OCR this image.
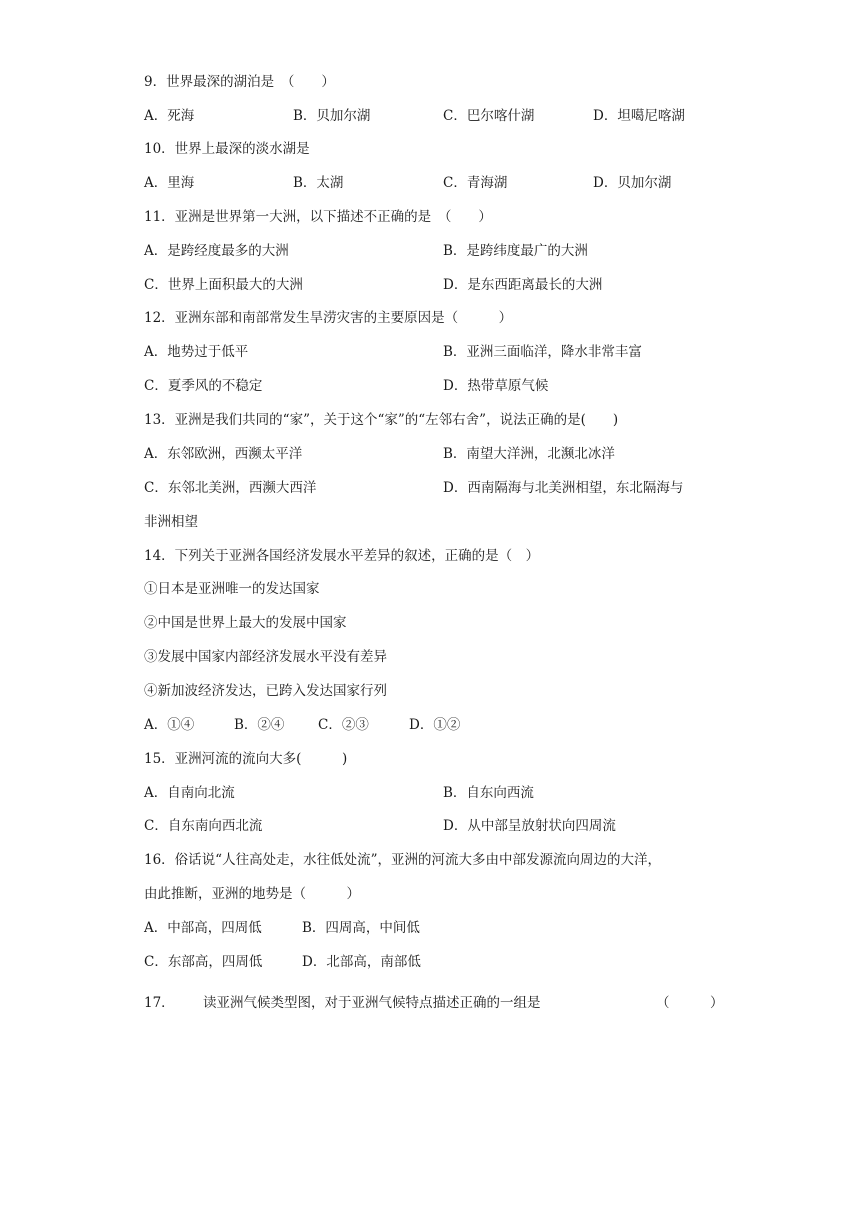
9．世界最深的湖泊是　（　　）
A．死海	B．贝加尔湖	C．巴尔喀什湖	D．坦噶尼喀湖
10．世界上最深的淡水湖是
A．里海	B．太湖	C．青海湖	D．贝加尔湖
11．亚洲是世界第一大洲，以下描述不正确的是　（　　）
A．是跨经度最多的大洲	B．是跨纬度最广的大洲
C．世界上面积最大的大洲	D．是东西距离最长的大洲
12．亚洲东部和南部常发生旱涝灾害的主要原因是（　　　）
A．地势过于低平	B．亚洲三面临洋，降水非常丰富
C．夏季风的不稳定	D．热带草原气候
13．亚洲是我们共同的“家”，关于这个“家”的“左邻右舍”，说法正确的是(　　)
A．东邻欧洲，西濒太平洋	B．南望大洋洲，北濒北冰洋
C．东邻北美洲，西濒大西洋	D．西南隔海与北美洲相望，东北隔海与
非洲相望
14．下列关于亚洲各国经济发展水平差异的叙述，正确的是（　）
①日本是亚洲唯一的发达国家
②中国是世界上最大的发展中国家
③发展中国家内部经济发展水平没有差异
④新加波经济发达，已跨入发达国家行列
A．①④	B．②④ C．②③	D．①②
15．亚洲河流的流向大多(　　　)
A．自南向北流	B．自东向西流
C．自东南向西北流	D．从中部呈放射状向四周流
16．俗话说“人往高处走，水往低处流”，亚洲的河流大多由中部发源流向周边的大洋，
由此推断，亚洲的地势是（　　　）
A．中部高，四周低	B．四周高，中间低
C．东部高，四周低	D．北部高，南部低
17． 读亚洲气候类型图，对于亚洲气候特点描述正确的一组是	（　　　）
